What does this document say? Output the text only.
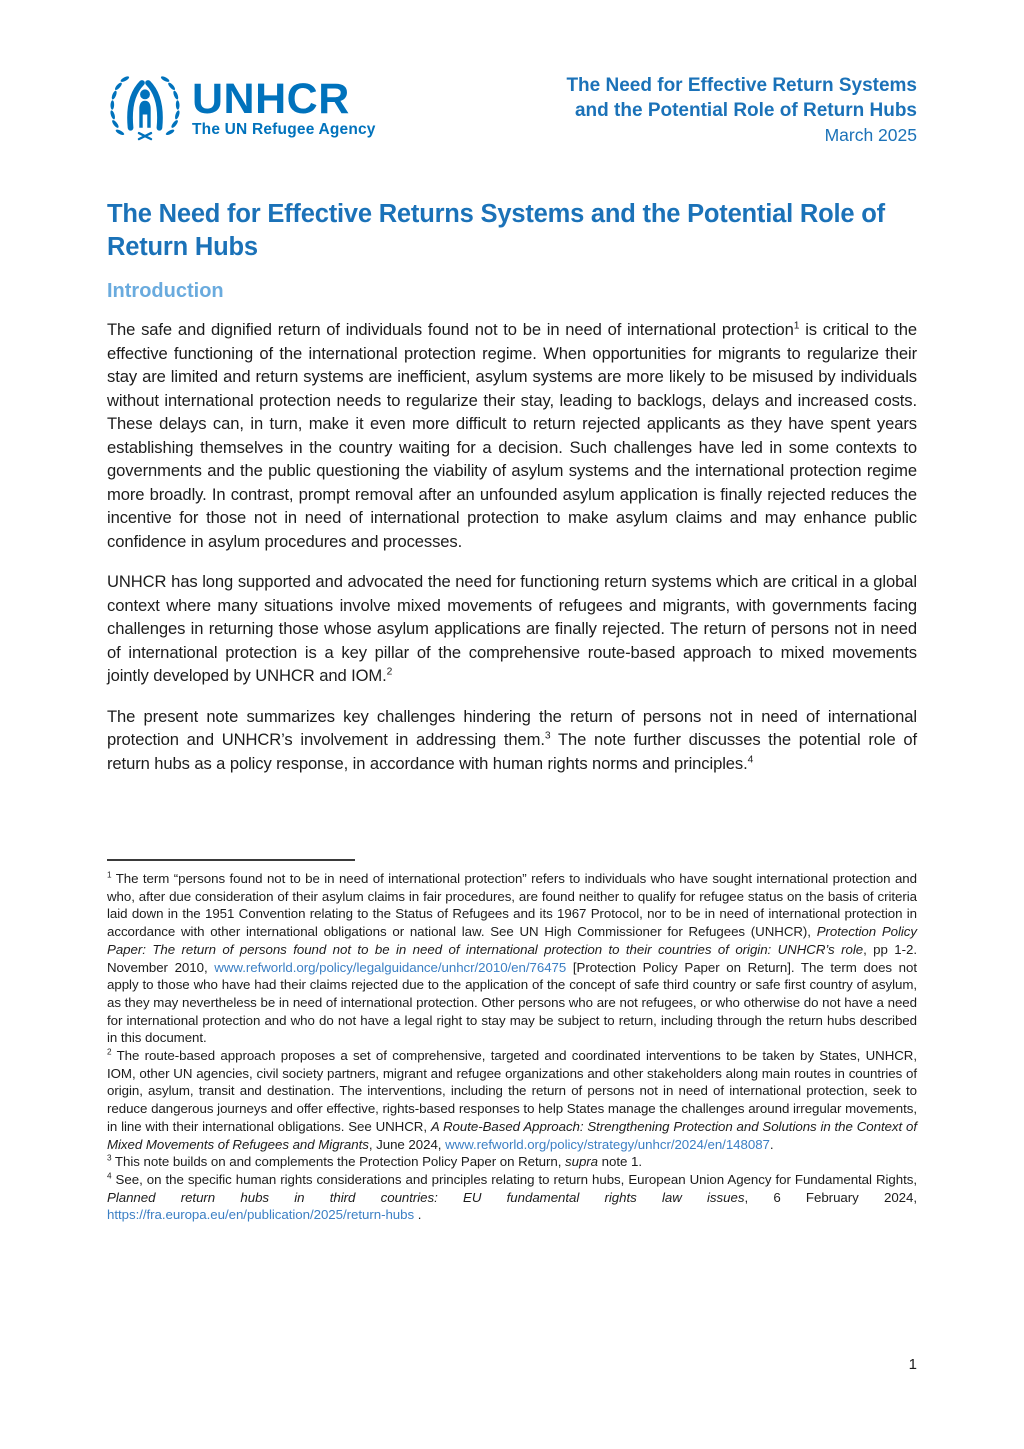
UNHCR
The UN Refugee Agency
The Need for Effective Return Systems
and the Potential Role of Return Hubs
March 2025
The Need for Effective Returns Systems and the Potential Role of Return Hubs
Introduction

The safe and dignified return of individuals found not to be in need of international protection$^1$ is critical to the effective functioning of the international protection regime. When opportunities for migrants to regularize their stay are limited and return systems are inefficient, asylum systems are more likely to be misused by individuals without international protection needs to regularize their stay, leading to backlogs, delays and increased costs. These delays can, in turn, make it even more difficult to return rejected applicants as they have spent years establishing themselves in the country waiting for a decision. Such challenges have led in some contexts to governments and the public questioning the viability of asylum systems and the international protection regime more broadly. In contrast, prompt removal after an unfounded asylum application is finally rejected reduces the incentive for those not in need of international protection to make asylum claims and may enhance public confidence in asylum procedures and processes.

UNHCR has long supported and advocated the need for functioning return systems which are critical in a global context where many situations involve mixed movements of refugees and migrants, with governments facing challenges in returning those whose asylum applications are finally rejected. The return of persons not in need of international protection is a key pillar of the comprehensive route-based approach to mixed movements jointly developed by UNHCR and IOM.$^2$

The present note summarizes key challenges hindering the return of persons not in need of international protection and UNHCR’s involvement in addressing them.$^3$ The note further discusses the potential role of return hubs as a policy response, in accordance with human rights norms and principles.$^4$

$^1$ The term “persons found not to be in need of international protection” refers to individuals who have sought international protection and who, after due consideration of their asylum claims in fair procedures, are found neither to qualify for refugee status on the basis of criteria laid down in the 1951 Convention relating to the Status of Refugees and its 1967 Protocol, nor to be in need of international protection in accordance with other international obligations or national law. See UN High Commissioner for Refugees (UNHCR), Protection Policy Paper: The return of persons found not to be in need of international protection to their countries of origin: UNHCR’s role, pp 1-2. November 2010, www.refworld.org/policy/legalguidance/unhcr/2010/en/76475 [Protection Policy Paper on Return]. The term does not apply to those who have had their claims rejected due to the application of the concept of safe third country or safe first country of asylum, as they may nevertheless be in need of international protection. Other persons who are not refugees, or who otherwise do not have a need for international protection and who do not have a legal right to stay may be subject to return, including through the return hubs described in this document.
$^2$ The route-based approach proposes a set of comprehensive, targeted and coordinated interventions to be taken by States, UNHCR, IOM, other UN agencies, civil society partners, migrant and refugee organizations and other stakeholders along main routes in countries of origin, asylum, transit and destination. The interventions, including the return of persons not in need of international protection, seek to reduce dangerous journeys and offer effective, rights-based responses to help States manage the challenges around irregular movements, in line with their international obligations. See UNHCR, A Route-Based Approach: Strengthening Protection and Solutions in the Context of Mixed Movements of Refugees and Migrants, June 2024, www.refworld.org/policy/strategy/unhcr/2024/en/148087.
$^3$ This note builds on and complements the Protection Policy Paper on Return, supra note 1.
$^4$ See, on the specific human rights considerations and principles relating to return hubs, European Union Agency for Fundamental Rights, Planned return hubs in third countries: EU fundamental rights law issues, 6 February 2024, https://fra.europa.eu/en/publication/2025/return-hubs .
1
